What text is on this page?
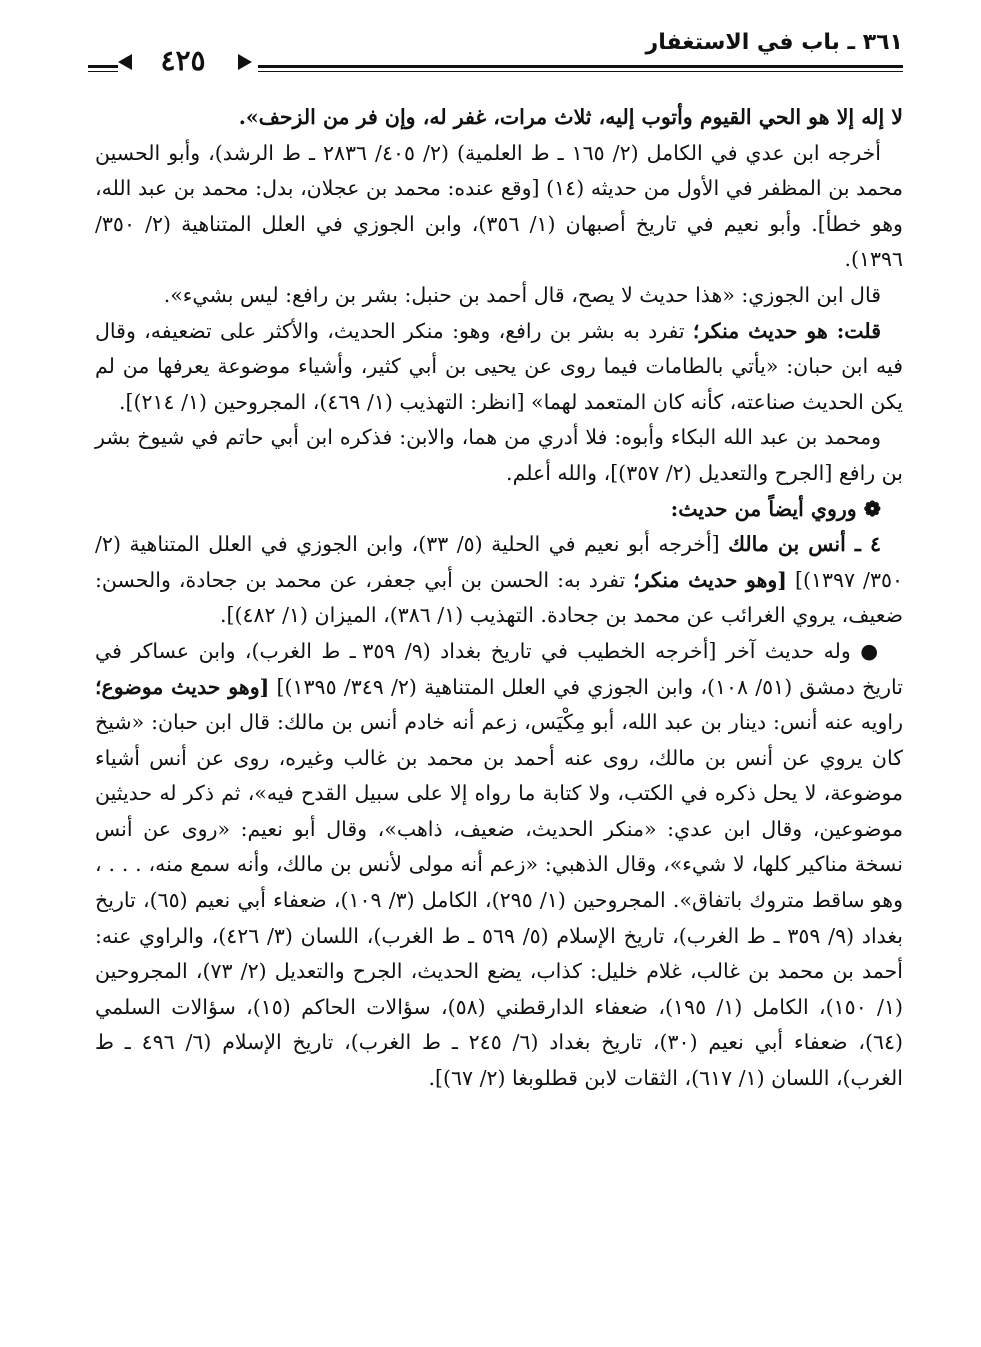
٤٢٥
٣٦١ ـ باب في الاستغفار

لا إله إلا هو الحي القيوم وأتوب إليه، ثلاث مرات، غفر له، وإن فر من الزحف».

أخرجه ابن عدي في الكامل (٢/ ١٦٥ ـ ط العلمية) (٢/ ٤٠٥/ ٢٨٣٦ ـ ط الرشد)، وأبو الحسين محمد بن المظفر في الأول من حديثه (١٤) [وقع عنده: محمد بن عجلان، بدل: محمد بن عبد الله، وهو خطأ]. وأبو نعيم في تاريخ أصبهان (١/ ٣٥٦)، وابن الجوزي في العلل المتناهية (٢/ ٣٥٠/ ١٣٩٦).

قال ابن الجوزي: «هذا حديث لا يصح، قال أحمد بن حنبل: بشر بن رافع: ليس بشيء».

قلت: هو حديث منكر؛ تفرد به بشر بن رافع، وهو: منكر الحديث، والأكثر على تضعيفه، وقال فيه ابن حبان: «يأتي بالطامات فيما روى عن يحيى بن أبي كثير، وأشياء موضوعة يعرفها من لم يكن الحديث صناعته، كأنه كان المتعمد لهما» [انظر: التهذيب (١/ ٤٦٩)، المجروحين (١/ ٢١٤)].

ومحمد بن عبد الله البكاء وأبوه: فلا أدري من هما، والابن: فذكره ابن أبي حاتم في شيوخ بشر بن رافع [الجرح والتعديل (٢/ ٣٥٧)]، والله أعلم.

❁ وروي أيضاً من حديث:

٤ ـ أنس بن مالك [أخرجه أبو نعيم في الحلية (٥/ ٣٣)، وابن الجوزي في العلل المتناهية (٢/ ٣٥٠/ ١٣٩٧)] [وهو حديث منكر؛ تفرد به: الحسن بن أبي جعفر، عن محمد بن جحادة، والحسن: ضعيف، يروي الغرائب عن محمد بن جحادة. التهذيب (١/ ٣٨٦)، الميزان (١/ ٤٨٢)].

● وله حديث آخر [أخرجه الخطيب في تاريخ بغداد (٩/ ٣٥٩ ـ ط الغرب)، وابن عساكر في تاريخ دمشق (٥١/ ١٠٨)، وابن الجوزي في العلل المتناهية (٢/ ٣٤٩/ ١٣٩٥)] [وهو حديث موضوع؛ راويه عنه أنس: دينار بن عبد الله، أبو مِكْيَس، زعم أنه خادم أنس بن مالك: قال ابن حبان: «شيخ كان يروي عن أنس بن مالك، روى عنه أحمد بن محمد بن غالب وغيره، روى عن أنس أشياء موضوعة، لا يحل ذكره في الكتب، ولا كتابة ما رواه إلا على سبيل القدح فيه»، ثم ذكر له حديثين موضوعين، وقال ابن عدي: «منكر الحديث، ضعيف، ذاهب»، وقال أبو نعيم: «روى عن أنس نسخة مناكير كلها، لا شيء»، وقال الذهبي: «زعم أنه مولى لأنس بن مالك، وأنه سمع منه، . . . ، وهو ساقط متروك باتفاق». المجروحين (١/ ٢٩٥)، الكامل (٣/ ١٠٩)، ضعفاء أبي نعيم (٦٥)، تاريخ بغداد (٩/ ٣٥٩ ـ ط الغرب)، تاريخ الإسلام (٥/ ٥٦٩ ـ ط الغرب)، اللسان (٣/ ٤٢٦)، والراوي عنه: أحمد بن محمد بن غالب، غلام خليل: كذاب، يضع الحديث، الجرح والتعديل (٢/ ٧٣)، المجروحين (١/ ١٥٠)، الكامل (١/ ١٩٥)، ضعفاء الدارقطني (٥٨)، سؤالات الحاكم (١٥)، سؤالات السلمي (٦٤)، ضعفاء أبي نعيم (٣٠)، تاريخ بغداد (٦/ ٢٤٥ ـ ط الغرب)، تاريخ الإسلام (٦/ ٤٩٦ ـ ط الغرب)، اللسان (١/ ٦١٧)، الثقات لابن قطلوبغا (٢/ ٦٧)].
